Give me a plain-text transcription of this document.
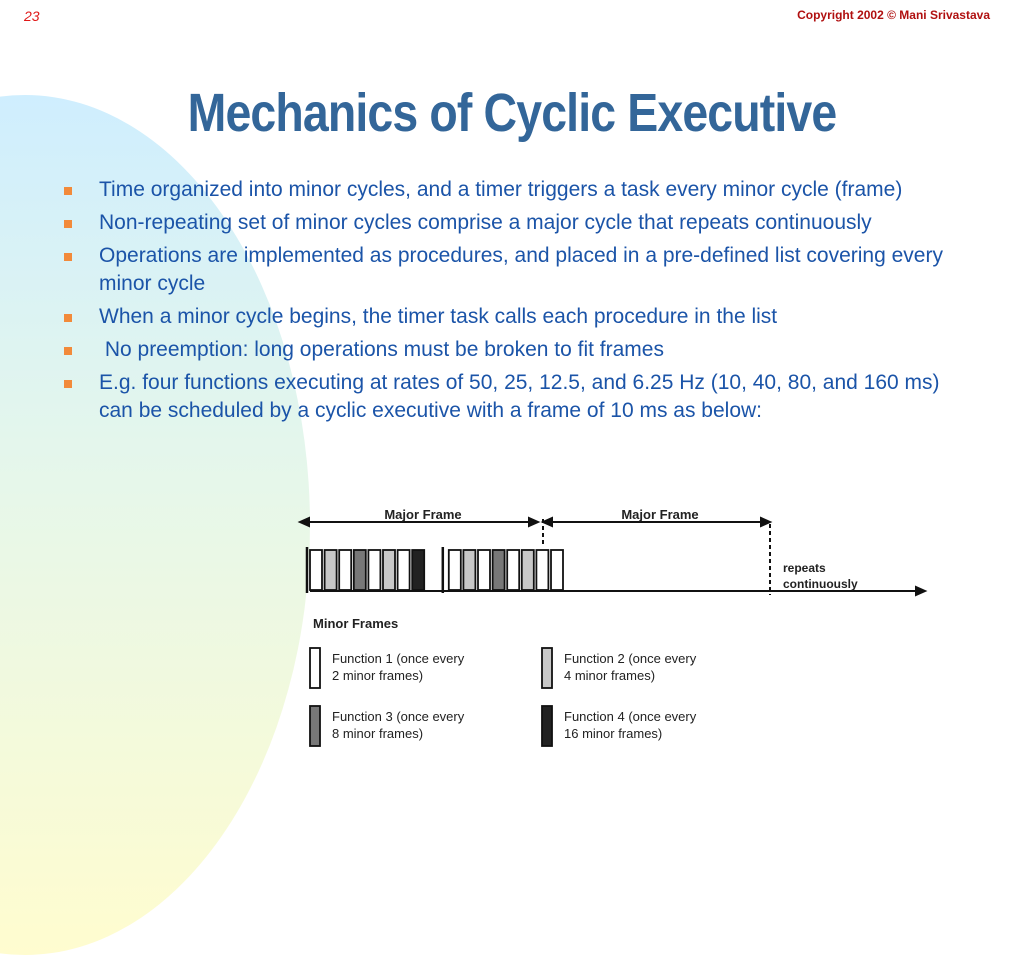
23	Copyright 2002 © Mani Srivastava
Mechanics of Cyclic Executive
Time organized into minor cycles, and a timer triggers a task every minor cycle (frame)
Non-repeating set of minor cycles comprise a major cycle that repeats continuously
Operations are implemented as procedures, and placed in a pre-defined list covering every minor cycle
When a minor cycle begins, the timer task calls each procedure in the list
No preemption: long operations must be broken to fit frames
E.g. four functions executing at rates of 50, 25, 12.5, and 6.25 Hz (10, 40, 80, and 160 ms) can be scheduled by a cyclic executive with a frame of 10 ms as below:
Major Frame	Major Frame
repeats
continuously
Minor Frames
Function 1 (once every
2 minor frames)
Function 2 (once every
4 minor frames)
Function 3 (once every
8 minor frames)
Function 4 (once every
16 minor frames)
